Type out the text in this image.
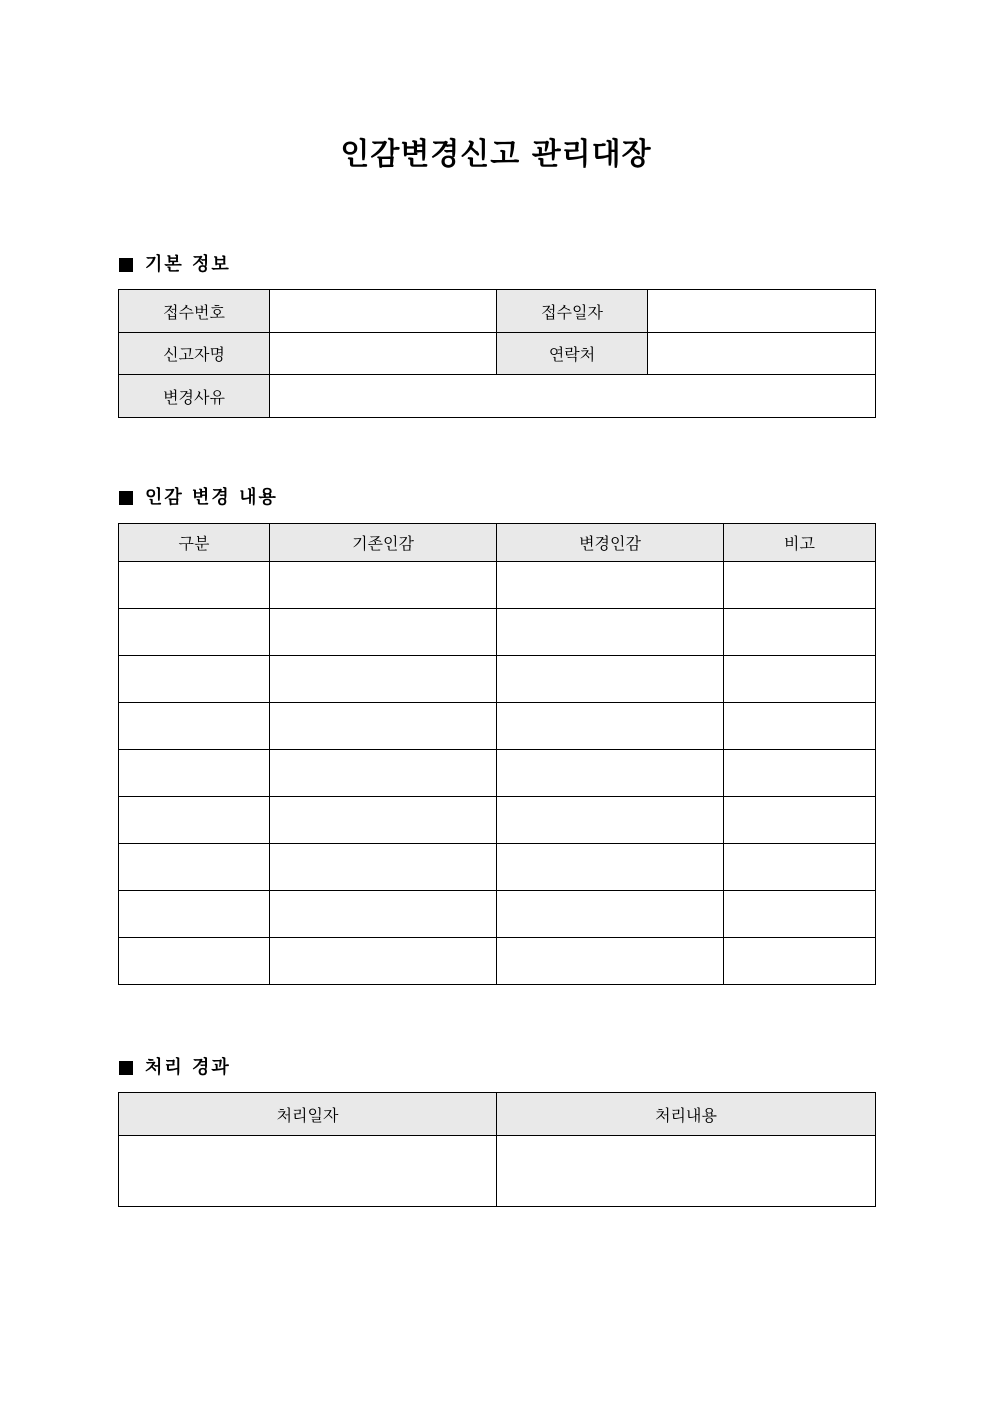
인감변경신고 관리대장
기본 정보
접수번호		접수일자	
신고자명		연락처	
변경사유			
인감 변경 내용
구분	기존인감	변경인감	비고

처리 경과
처리일자	처리내용
